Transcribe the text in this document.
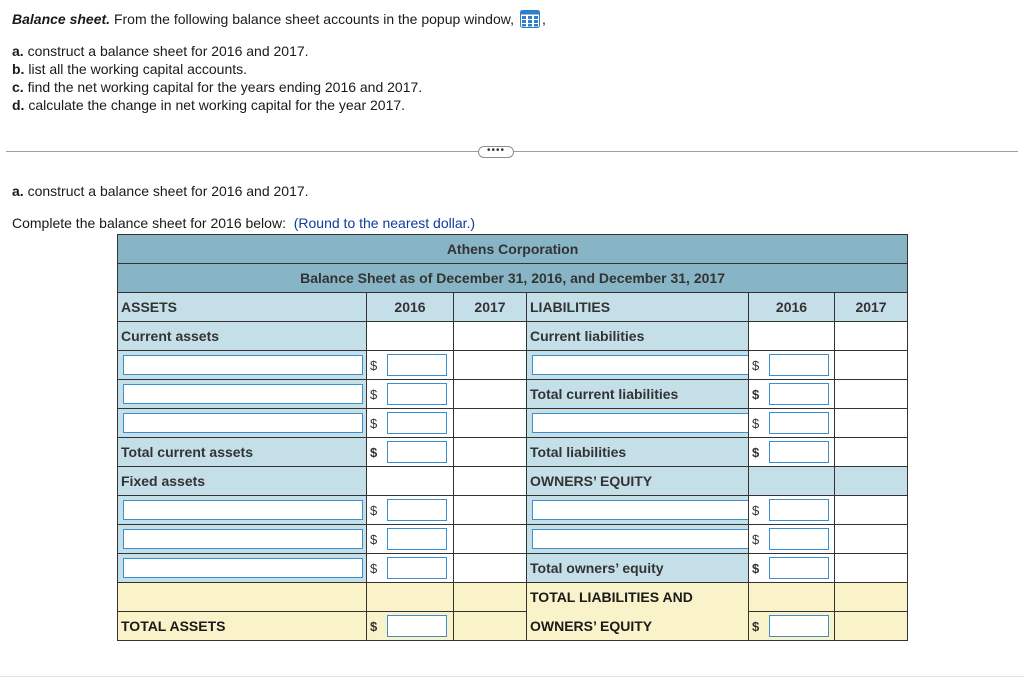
Balance sheet.
From the following balance sheet accounts in the popup window, ,
a. construct a balance sheet for 2016 and 2017.
b. list all the working capital accounts.
c. find the net working capital for the years ending 2016 and 2017.
d. calculate the change in net working capital for the year 2017.
••••
a. construct a balance sheet for 2016 and 2017.
Complete the balance sheet for 2016 below: (Round to the nearest dollar.)
Athens Corporation					
Balance Sheet as of December 31, 2016, and December 31, 2017					
ASSETS	2016	2017	LIABILITIES	2016	2017
Current assets			Current liabilities		

	$			$	

	$		Total current liabilities	$	

	$			$	

Total current assets	$		Total liabilities	$	

Fixed assets			OWNERS’ EQUITY		

	$			$	

	$			$	

	$		Total owners’ equity	$	

			TOTAL LIABILITIES AND		
TOTAL ASSETS	$		OWNERS’ EQUITY	$	
